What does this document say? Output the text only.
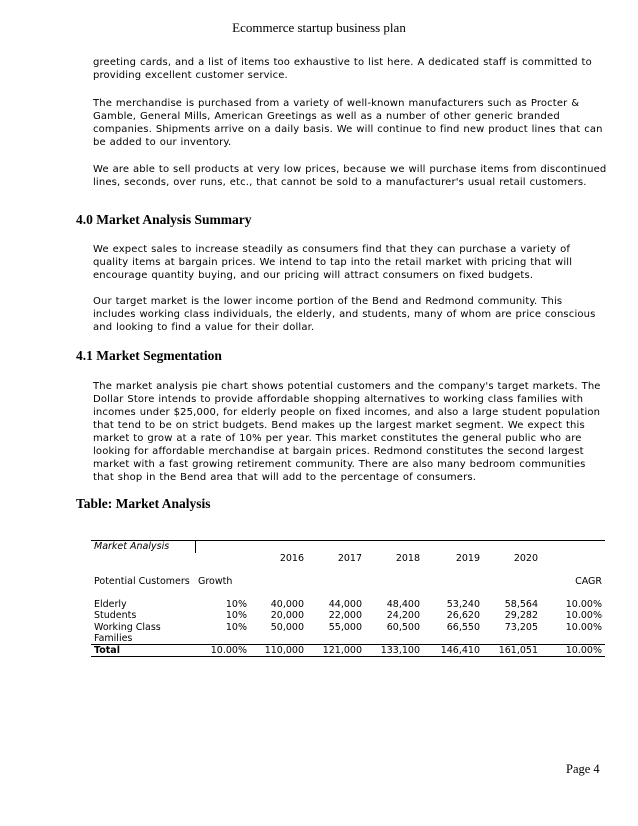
Ecommerce startup business plan

greeting cards, and a list of items too exhaustive to list here. A dedicated staff is committed to providing excellent customer service.

The merchandise is purchased from a variety of well-known manufacturers such as Procter & Gamble, General Mills, American Greetings as well as a number of other generic branded companies. Shipments arrive on a daily basis. We will continue to find new product lines that can be added to our inventory.

We are able to sell products at very low prices, because we will purchase items from discontinued lines, seconds, over runs, etc., that cannot be sold to a manufacturer's usual retail customers.

4.0 Market Analysis Summary

We expect sales to increase steadily as consumers find that they can purchase a variety of quality items at bargain prices. We intend to tap into the retail market with pricing that will encourage quantity buying, and our pricing will attract consumers on fixed budgets.

Our target market is the lower income portion of the Bend and Redmond community. This includes working class individuals, the elderly, and students, many of whom are price conscious and looking to find a value for their dollar.

4.1 Market Segmentation

The market analysis pie chart shows potential customers and the company's target markets. The Dollar Store intends to provide affordable shopping alternatives to working class families with incomes under $25,000, for elderly people on fixed incomes, and also a large student population that tend to be on strict budgets. Bend makes up the largest market segment. We expect this market to grow at a rate of 10% per year. This market constitutes the general public who are looking for affordable merchandise at bargain prices. Redmond constitutes the second largest market with a fast growing retirement community. There are also many bedroom communities that shop in the Bend area that will add to the percentage of consumers.

Table: Market Analysis
Market Analysis							
		2016	2017	2018	2019	2020	

Potential Customers	Growth						CAGR

Elderly	10%	40,000	44,000	48,400	53,240	58,564	10.00%
Students	10%	20,000	22,000	24,200	26,620	29,282	10.00%
Working Class Families	10%	50,000	55,000	60,500	66,550	73,205	10.00%
Total	10.00%	110,000	121,000	133,100	146,410	161,051	10.00%
Page 4
